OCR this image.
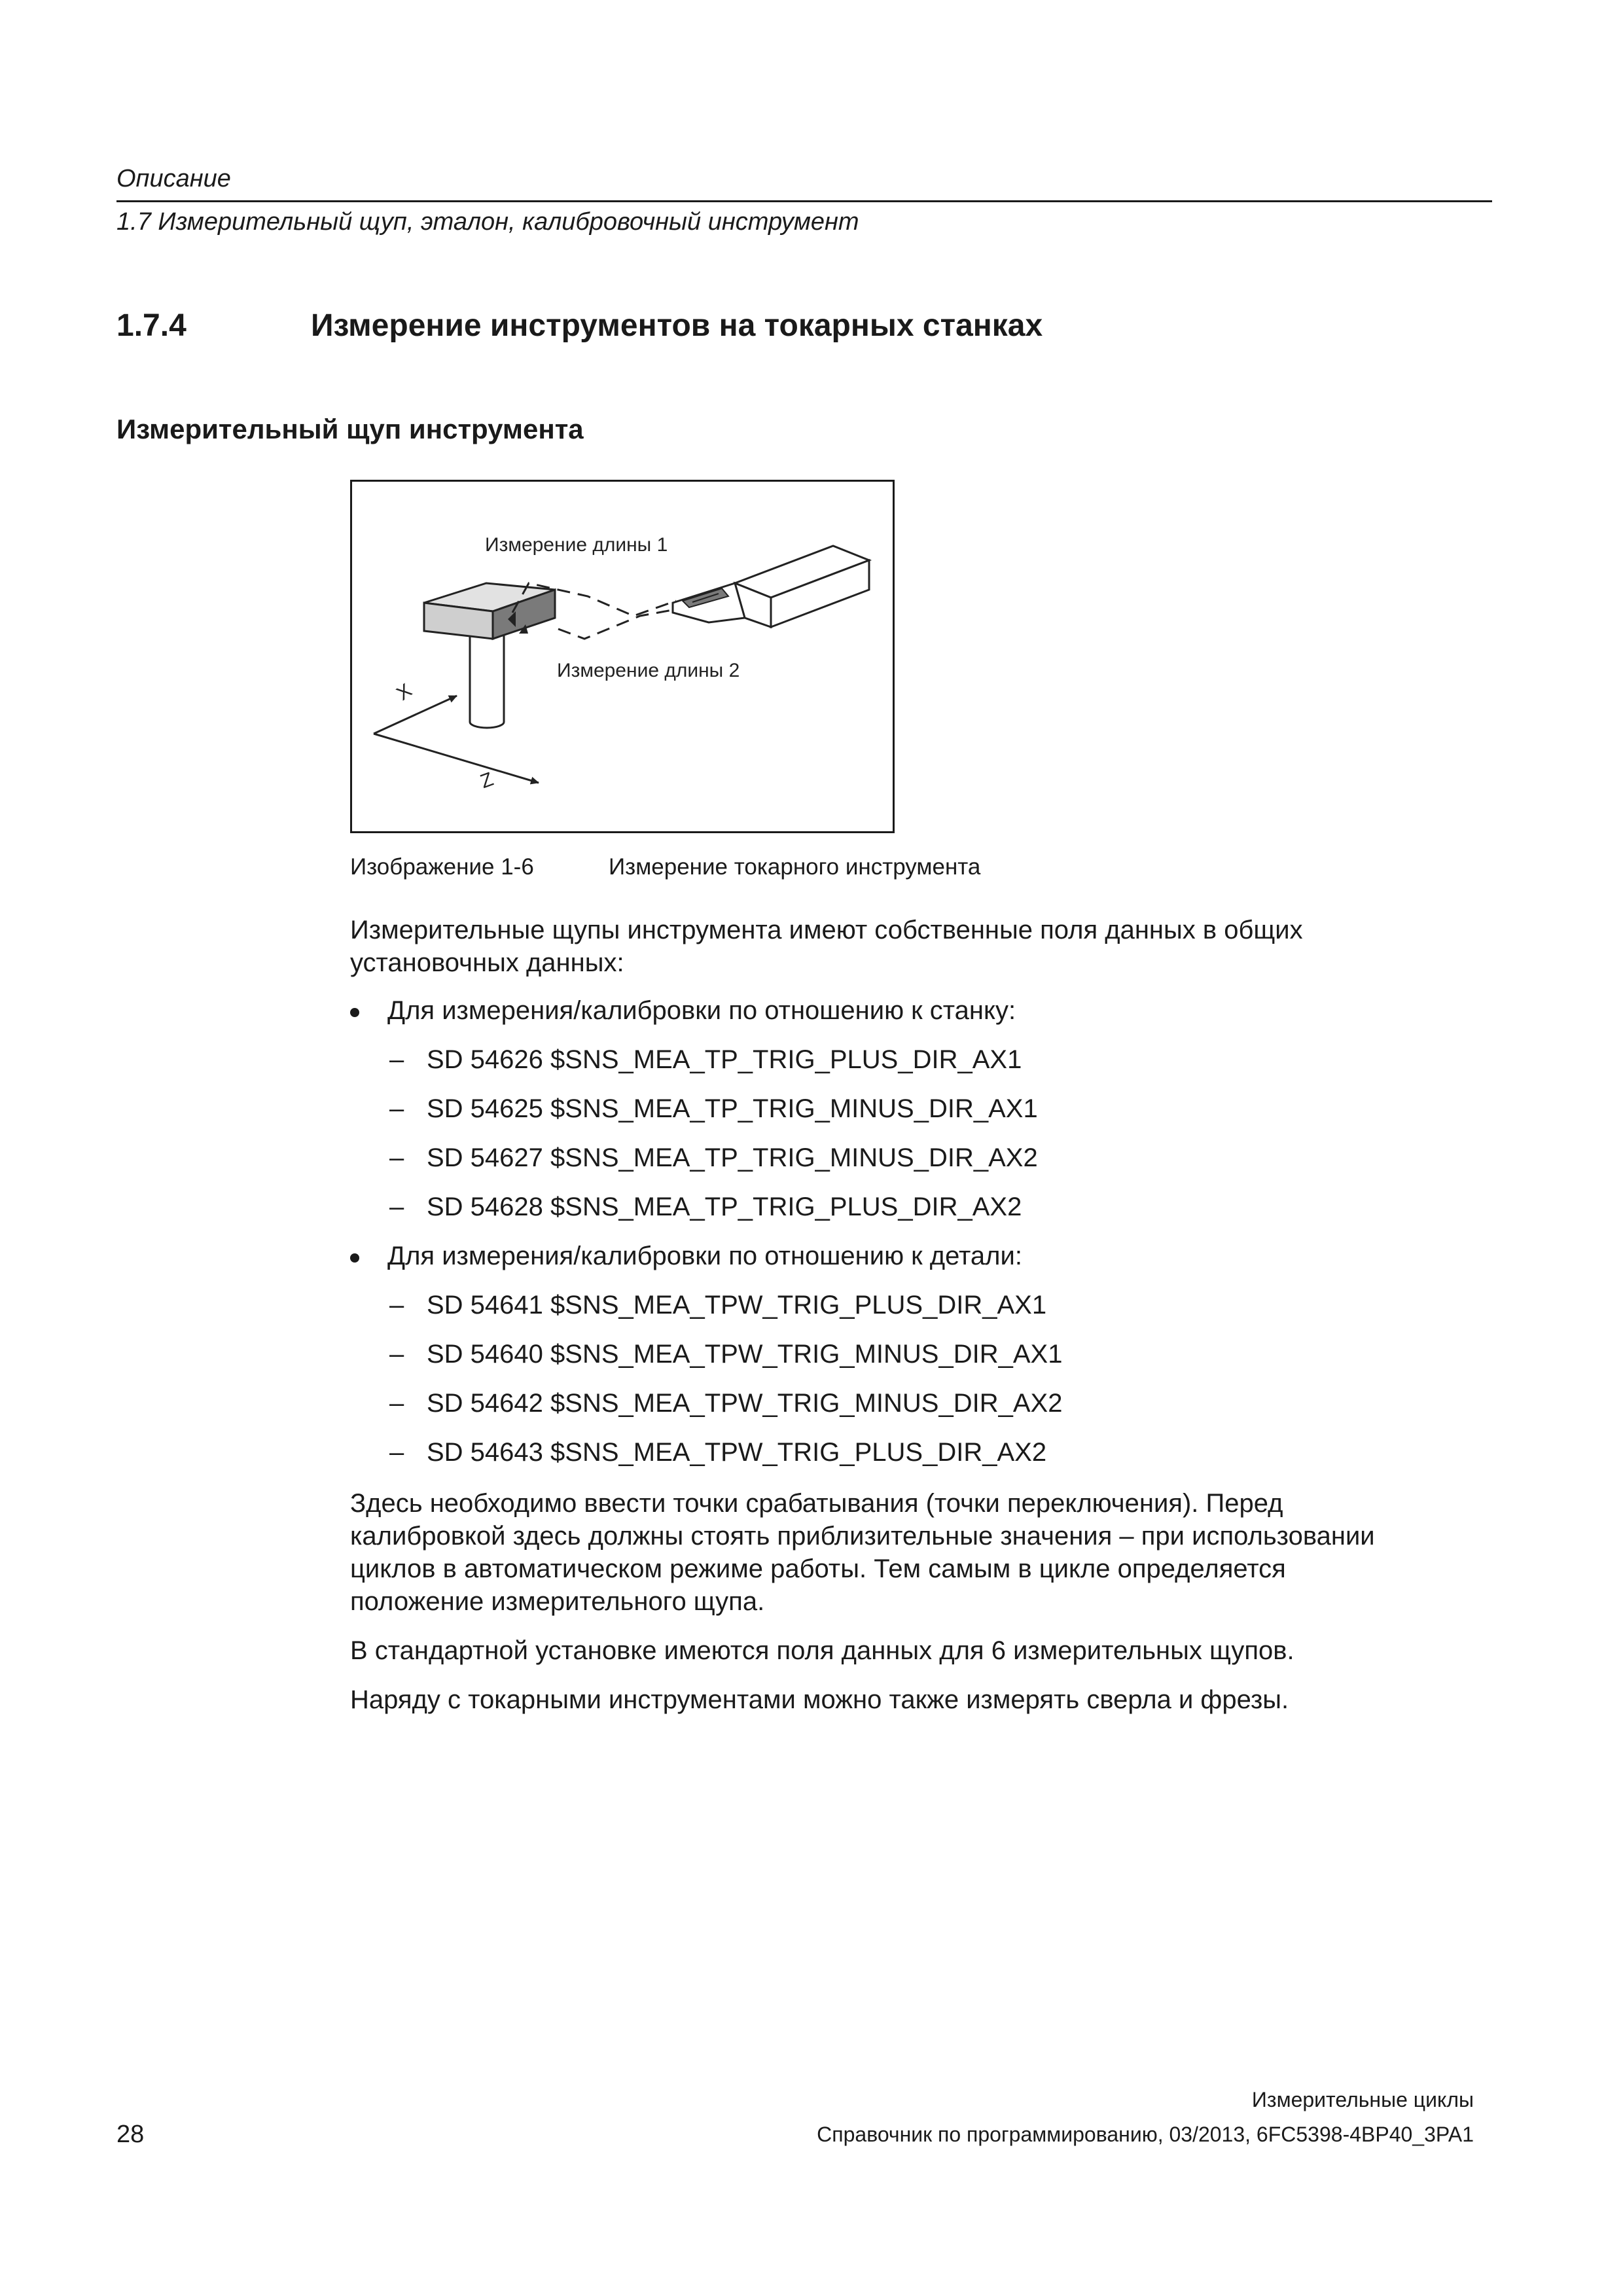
Описание
1.7 Измерительный щуп, эталон, калибровочный инструмент
1.7.4	Измерение инструментов на токарных станках
Измерительный щуп инструмента
Измерение длины 1
Измерение длины 2
X
Z
Изображение 1-6	Измерение токарного инструмента
Измерительные щупы инструмента имеют собственные поля данных в общих
установочных данных:
Для измерения/калибровки по отношению к станку:
– SD 54626 $SNS_MEA_TP_TRIG_PLUS_DIR_AX1
– SD 54625 $SNS_MEA_TP_TRIG_MINUS_DIR_AX1
– SD 54627 $SNS_MEA_TP_TRIG_MINUS_DIR_AX2
– SD 54628 $SNS_MEA_TP_TRIG_PLUS_DIR_AX2
Для измерения/калибровки по отношению к детали:
– SD 54641 $SNS_MEA_TPW_TRIG_PLUS_DIR_AX1
– SD 54640 $SNS_MEA_TPW_TRIG_MINUS_DIR_AX1
– SD 54642 $SNS_MEA_TPW_TRIG_MINUS_DIR_AX2
– SD 54643 $SNS_MEA_TPW_TRIG_PLUS_DIR_AX2
Здесь необходимо ввести точки срабатывания (точки переключения). Перед
калибровкой здесь должны стоять приблизительные значения – при использовании
циклов в автоматическом режиме работы. Тем самым в цикле определяется
положение измерительного щупа.
В стандартной установке имеются поля данных для 6 измерительных щупов.
Наряду с токарными инструментами можно также измерять сверла и фрезы.
Измерительные циклы
28	Справочник по программированию, 03/2013, 6FC5398-4BP40_3PA1
